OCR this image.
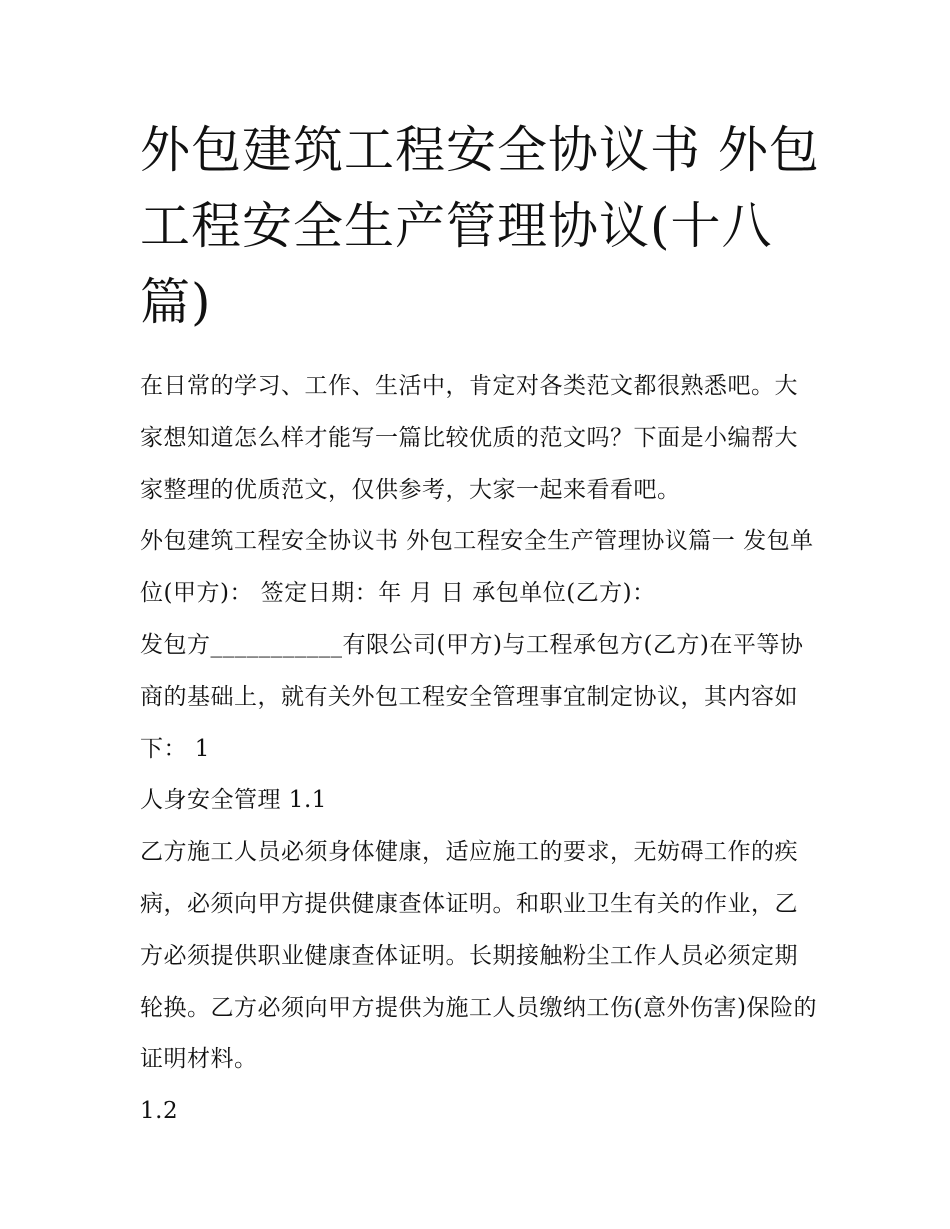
外包建筑工程安全协议书 外包工程安全生产管理协议(十八篇)

在日常的学习、工作、生活中，肯定对各类范文都很熟悉吧。大家想知道怎么样才能写一篇比较优质的范文吗？下面是小编帮大家整理的优质范文，仅供参考，大家一起来看看吧。

外包建筑工程安全协议书 外包工程安全生产管理协议篇一 发包单位(甲方)： 签定日期：年 月 日 承包单位(乙方)：

发包方___________有限公司(甲方)与工程承包方(乙方)在平等协商的基础上，就有关外包工程安全管理事宜制定协议，其内容如下： 1

人身安全管理 1.1

乙方施工人员必须身体健康，适应施工的要求，无妨碍工作的疾病，必须向甲方提供健康查体证明。和职业卫生有关的作业，乙方必须提供职业健康查体证明。长期接触粉尘工作人员必须定期轮换。乙方必须向甲方提供为施工人员缴纳工伤(意外伤害)保险的证明材料。

1.2
